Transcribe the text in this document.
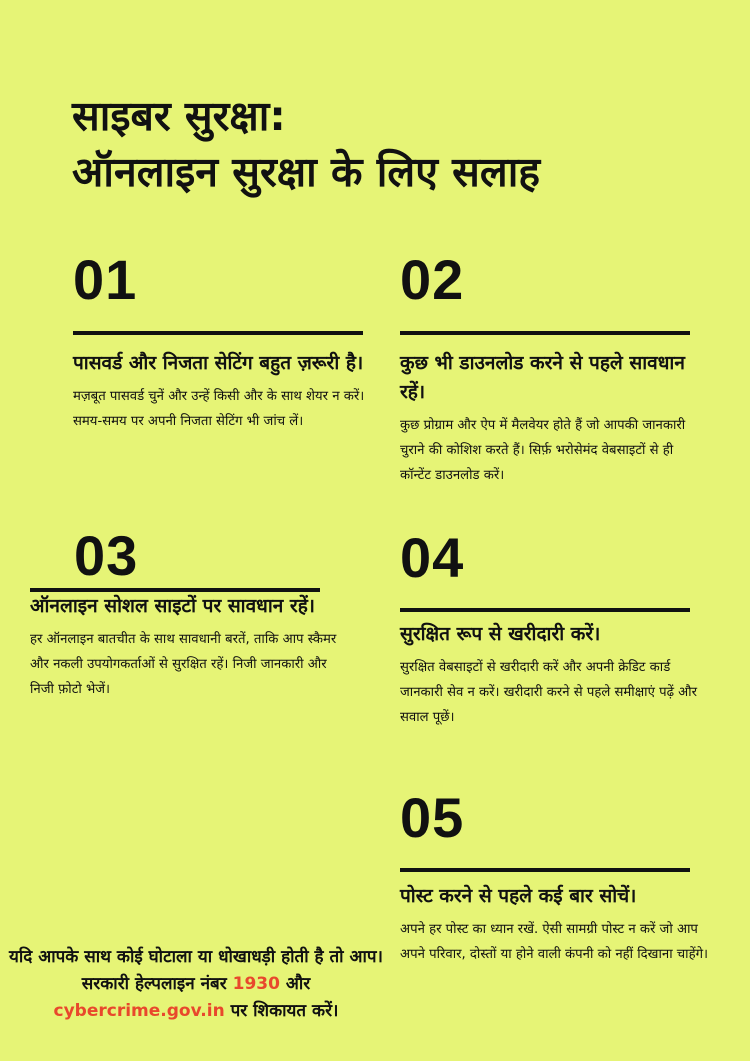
साइबर सुरक्षा:
ऑनलाइन सुरक्षा के लिए सलाह
01
पासवर्ड और निजता सेटिंग बहुत ज़रूरी है।
मज़बूत पासवर्ड चुनें और उन्हें किसी और के साथ शेयर न करें। समय-समय पर अपनी निजता सेटिंग भी जांच लें।
02
कुछ भी डाउनलोड करने से पहले सावधान रहें।
कुछ प्रोग्राम और ऐप में मैलवेयर होते हैं जो आपकी जानकारी चुराने की कोशिश करते हैं। सिर्फ़ भरोसेमंद वेबसाइटों से ही कॉन्टेंट डाउनलोड करें।
03
ऑनलाइन सोशल साइटों पर सावधान रहें।
हर ऑनलाइन बातचीत के साथ सावधानी बरतें, ताकि आप स्कैमर और नकली उपयोगकर्ताओं से सुरक्षित रहें। निजी जानकारी और निजी फ़ोटो भेजें।
04
सुरक्षित रूप से खरीदारी करें।
सुरक्षित वेबसाइटों से खरीदारी करें और अपनी क्रेडिट कार्ड जानकारी सेव न करें। खरीदारी करने से पहले समीक्षाएं पढ़ें और सवाल पूछें।
05
पोस्ट करने से पहले कई बार सोचें।
अपने हर पोस्ट का ध्यान रखें. ऐसी सामग्री पोस्ट न करें जो आप अपने परिवार, दोस्तों या होने वाली कंपनी को नहीं दिखाना चाहेंगे।
यदि आपके साथ कोई घोटाला या धोखाधड़ी होती है तो आप। सरकारी हेल्पलाइन नंबर 1930 और cybercrime.gov.in पर शिकायत करें।
